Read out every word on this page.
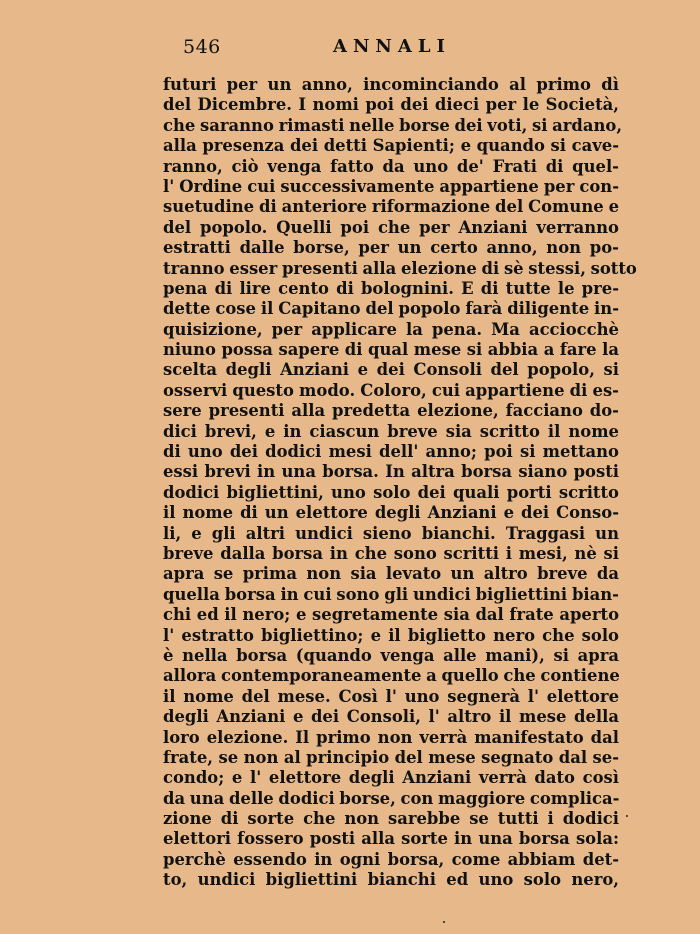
546	ANNALI
futuri per un anno, incominciando al primo dì
del Dicembre. I nomi poi dei dieci per le Società,
che saranno rimasti nelle borse dei voti, si ardano,
alla presenza dei detti Sapienti; e quando si cave-
ranno, ciò venga fatto da uno de' Frati di quel-
l' Ordine cui successivamente appartiene per con-
suetudine di anteriore riformazione del Comune e
del popolo. Quelli poi che per Anziani verranno
estratti dalle borse, per un certo anno, non po-
tranno esser presenti alla elezione di sè stessi, sotto
pena di lire cento di bolognini. E di tutte le pre-
dette cose il Capitano del popolo farà diligente in-
quisizione, per applicare la pena. Ma acciocchè
niuno possa sapere di qual mese si abbia a fare la
scelta degli Anziani e dei Consoli del popolo, si
osservi questo modo. Coloro, cui appartiene di es-
sere presenti alla predetta elezione, facciano do-
dici brevi, e in ciascun breve sia scritto il nome
di uno dei dodici mesi dell' anno; poi si mettano
essi brevi in una borsa. In altra borsa siano posti
dodici bigliettini, uno solo dei quali porti scritto
il nome di un elettore degli Anziani e dei Conso-
li, e gli altri undici sieno bianchi. Traggasi un
breve dalla borsa in che sono scritti i mesi, nè si
apra se prima non sia levato un altro breve da
quella borsa in cui sono gli undici bigliettini bian-
chi ed il nero; e segretamente sia dal frate aperto
l' estratto bigliettino; e il biglietto nero che solo
è nella borsa (quando venga alle mani), si apra
allora contemporaneamente a quello che contiene
il nome del mese. Così l' uno segnerà l' elettore
degli Anziani e dei Consoli, l' altro il mese della
loro elezione. Il primo non verrà manifestato dal
frate, se non al principio del mese segnato dal se-
condo; e l' elettore degli Anziani verrà dato così
da una delle dodici borse, con maggiore complica-
zione di sorte che non sarebbe se tutti i dodici
elettori fossero posti alla sorte in una borsa sola:
perchè essendo in ogni borsa, come abbiam det-
to, undici bigliettini bianchi ed uno solo nero,
